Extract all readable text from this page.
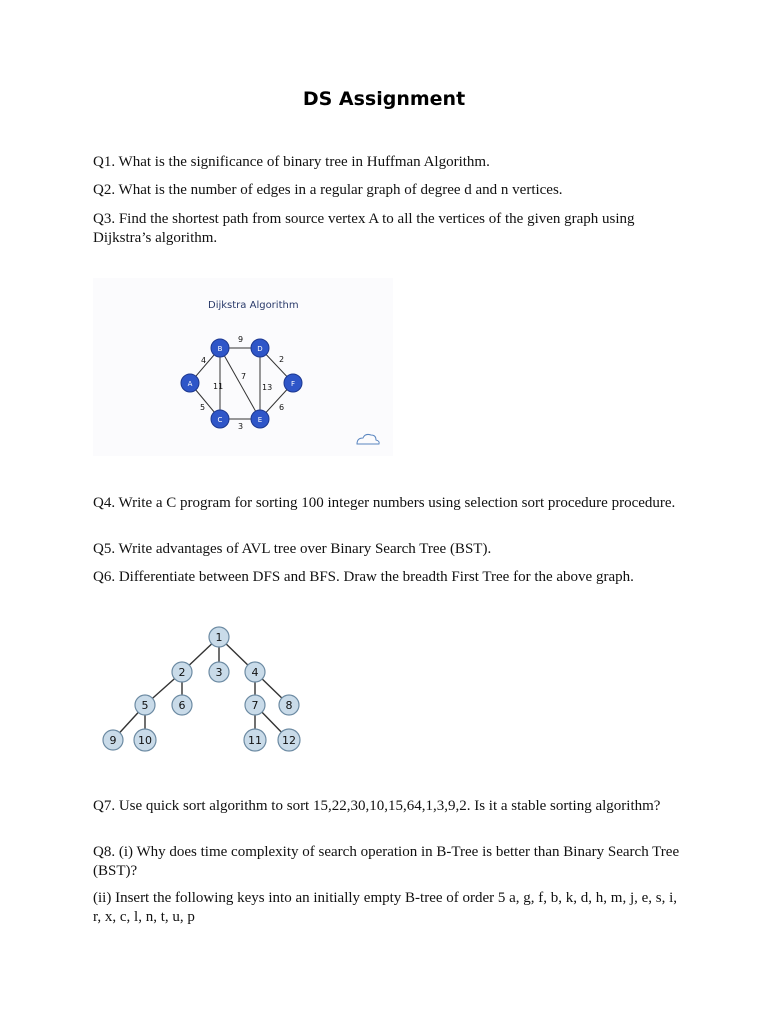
DS Assignment
Q1. What is the significance of binary tree in Huffman Algorithm.
Q2. What is the number of edges in a regular graph of degree d and n vertices.
Q3. Find the shortest path from source vertex A to all the vertices of the given graph using Dijkstra’s algorithm.
Dijkstra Algorithm
4
5
9
11
7
3
13
2
6
A
B
C
D
E
F
Q4. Write a C program for sorting 100 integer numbers using selection sort procedure procedure.
Q5. Write advantages of AVL tree over Binary Search Tree (BST).
Q6. Differentiate between DFS and BFS. Draw the breadth First Tree for the above graph.
1
2	3	4
5	6	7 8
9 10	11 12
Q7. Use quick sort algorithm to sort 15,22,30,10,15,64,1,3,9,2. Is it a stable sorting algorithm?
Q8. (i) Why does time complexity of search operation in B-Tree is better than Binary Search Tree (BST)?
(ii) Insert the following keys into an initially empty B-tree of order 5 a, g, f, b, k, d, h, m, j, e, s, i, r, x, c, l, n, t, u, p
